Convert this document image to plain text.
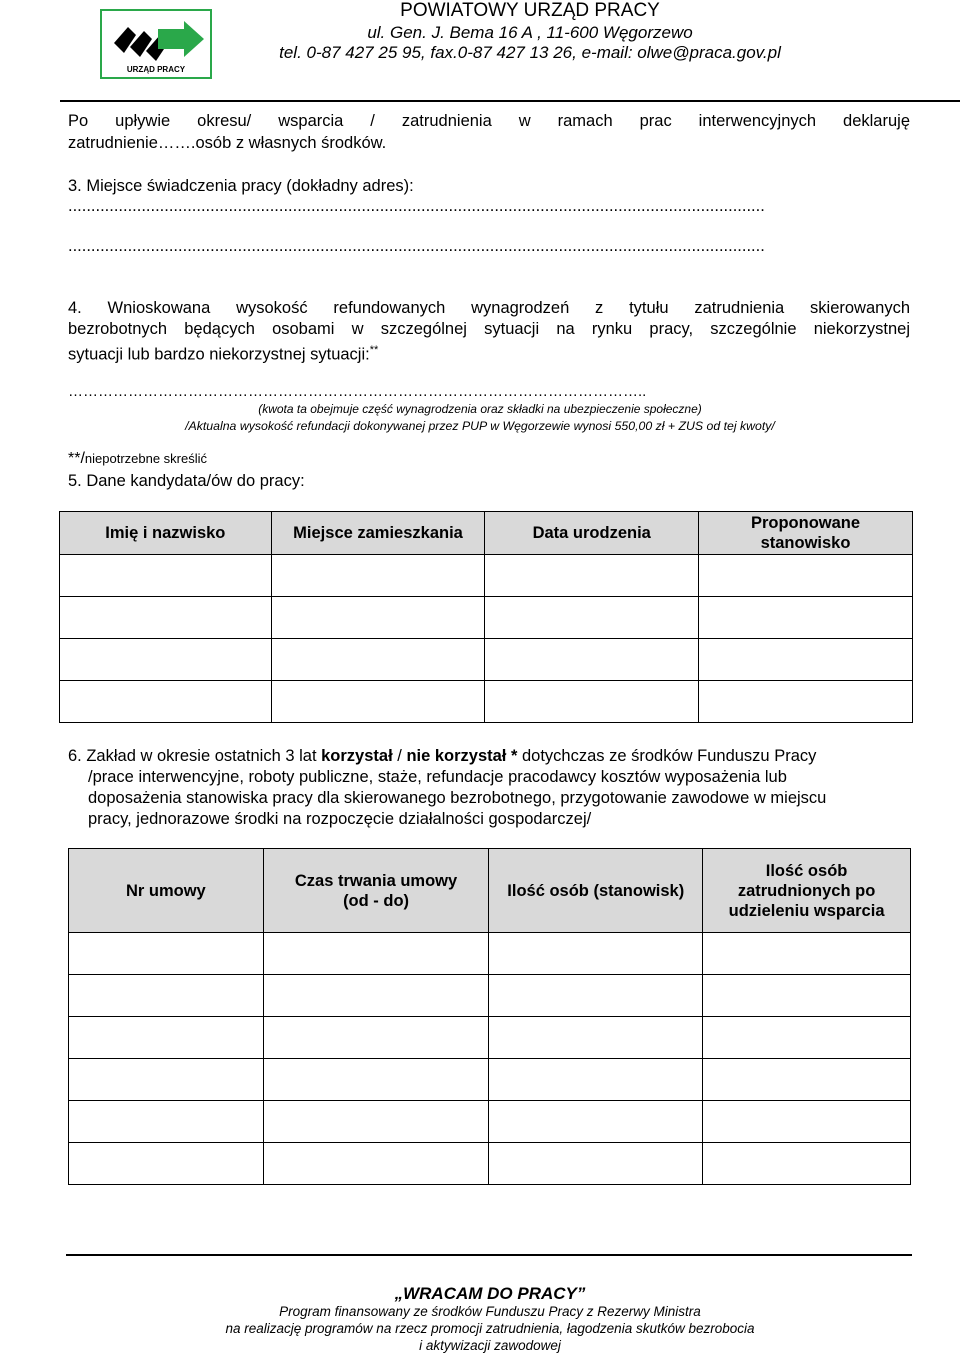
URZĄD PRACY
POWIATOWY URZĄD PRACY
ul. Gen. J. Bema 16 A , 11-600 Węgorzewo
tel. 0-87 427 25 95, fax.0-87 427 13 26, e-mail: olwe@praca.gov.pl
Po upływie okresu/ wsparcia / zatrudnienia w ramach prac interwencyjnych deklaruję
zatrudnienie…….osób z własnych środków.
3. Miejsce świadczenia pracy (dokładny adres):
........................................................................................................................................................
........................................................................................................................................................
4. Wnioskowana wysokość refundowanych wynagrodzeń z tytułu zatrudnienia skierowanych
bezrobotnych będących osobami w szczególnej sytuacji na rynku pracy, szczególnie niekorzystnej
sytuacji lub bardzo niekorzystnej sytuacji:**
……………………………………………………………………………………………………..
(kwota ta obejmuje część wynagrodzenia oraz składki na ubezpieczenie społeczne)
/Aktualna wysokość refundacji dokonywanej przez PUP w Węgorzewie wynosi 550,00 zł + ZUS od tej kwoty/
**/niepotrzebne skreślić
5. Dane kandydata/ów do pracy:
Imię i nazwisko	Miejsce zamieszkania	Data urodzenia	Proponowane stanowisko

6. Zakład w okresie ostatnich 3 lat korzystał / nie korzystał * dotychczas ze środków Funduszu Pracy
/prace interwencyjne, roboty publiczne, staże, refundacje pracodawcy kosztów wyposażenia lub
doposażenia stanowiska pracy dla skierowanego bezrobotnego, przygotowanie zawodowe w miejscu
pracy, jednorazowe środki na rozpoczęcie działalności gospodarczej/
Nr umowy	Czas trwania umowy (od - do)	Ilość osób (stanowisk)	Ilość osób zatrudnionych po udzieleniu wsparcia

„WRACAM DO PRACY”
Program finansowany ze środków Funduszu Pracy z Rezerwy Ministra
na realizację programów na rzecz promocji zatrudnienia, łagodzenia skutków bezrobocia
i aktywizacji zawodowej
